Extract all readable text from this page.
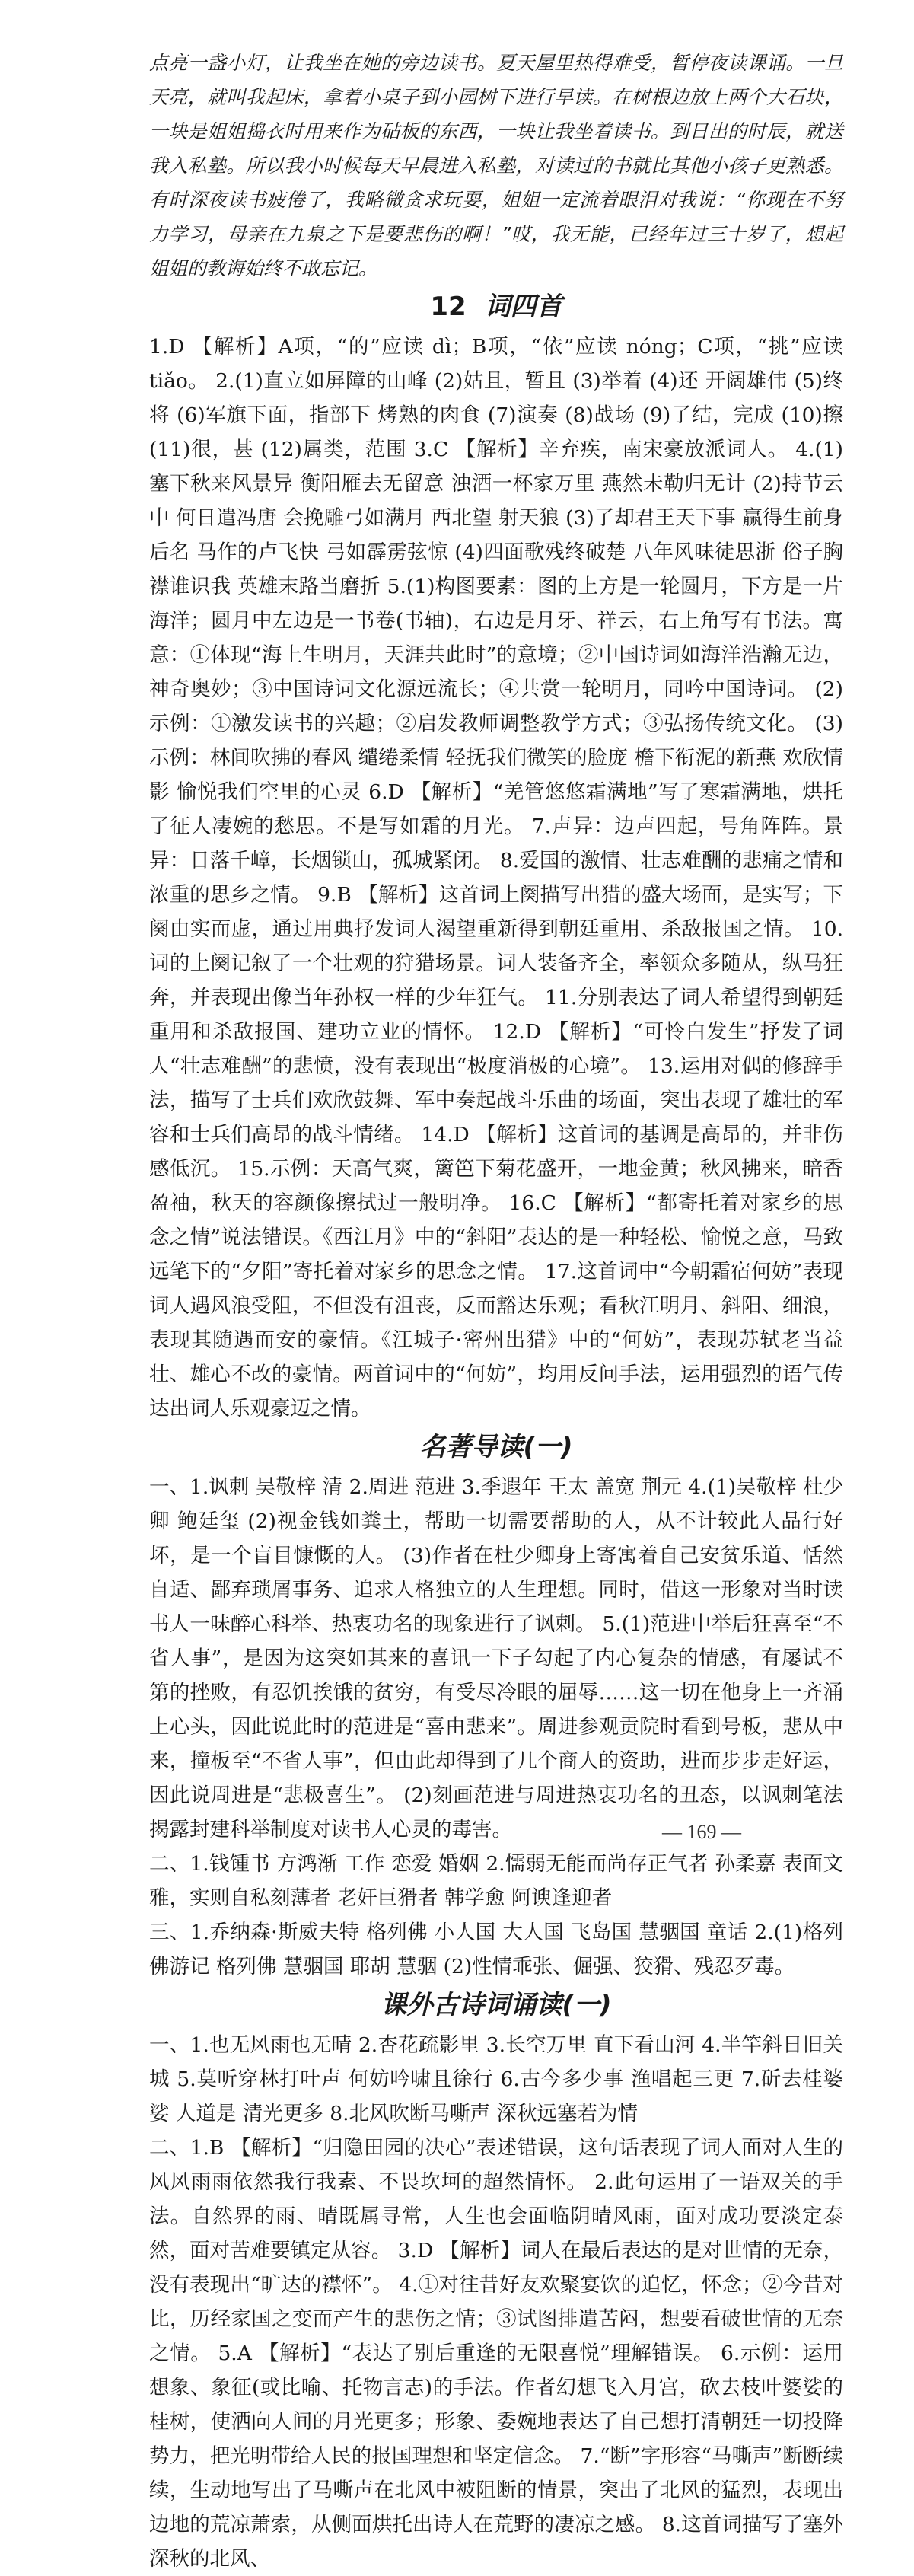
点亮一盏小灯，让我坐在她的旁边读书。夏天屋里热得难受，暂停夜读课诵。一旦天亮，就叫我起床，拿着小桌子到小园树下进行早读。在树根边放上两个大石块，一块是姐姐捣衣时用来作为砧板的东西，一块让我坐着读书。到日出的时辰，就送我入私塾。所以我小时候每天早晨进入私塾，对读过的书就比其他小孩子更熟悉。有时深夜读书疲倦了，我略微贪求玩耍，姐姐一定流着眼泪对我说：“你现在不努力学习，母亲在九泉之下是要悲伤的啊！”哎，我无能，已经年过三十岁了，想起姐姐的教诲始终不敢忘记。

12 词四首

1.D 【解析】A项，“的”应读 dì；B项，“依”应读 nóng；C项，“挑”应读 tiǎo。 2.(1)直立如屏障的山峰 (2)姑且，暂且 (3)举着 (4)还 开阔雄伟 (5)终将 (6)军旗下面，指部下 烤熟的肉食 (7)演奏 (8)战场 (9)了结，完成 (10)擦 (11)很，甚 (12)属类，范围 3.C 【解析】辛弃疾，南宋豪放派词人。 4.(1)塞下秋来风景异 衡阳雁去无留意 浊酒一杯家万里 燕然未勒归无计 (2)持节云中 何日遣冯唐 会挽雕弓如满月 西北望 射天狼 (3)了却君王天下事 赢得生前身后名 马作的卢飞快 弓如霹雳弦惊 (4)四面歌残终破楚 八年风味徒思浙 俗子胸襟谁识我 英雄末路当磨折 5.(1)构图要素：图的上方是一轮圆月，下方是一片海洋；圆月中左边是一书卷(书轴)，右边是月牙、祥云，右上角写有书法。寓意：①体现“海上生明月，天涯共此时”的意境；②中国诗词如海洋浩瀚无边，神奇奥妙；③中国诗词文化源远流长；④共赏一轮明月，同吟中国诗词。 (2)示例：①激发读书的兴趣；②启发教师调整教学方式；③弘扬传统文化。 (3)示例：林间吹拂的春风 缱绻柔情 轻抚我们微笑的脸庞 檐下衔泥的新燕 欢欣情影 愉悦我们空里的心灵 6.D 【解析】“羌管悠悠霜满地”写了寒霜满地，烘托了征人凄婉的愁思。不是写如霜的月光。 7.声异：边声四起，号角阵阵。景异：日落千嶂，长烟锁山，孤城紧闭。 8.爱国的激情、壮志难酬的悲痛之情和浓重的思乡之情。 9.B 【解析】这首词上阕描写出猎的盛大场面，是实写；下阕由实而虚，通过用典抒发词人渴望重新得到朝廷重用、杀敌报国之情。 10.词的上阕记叙了一个壮观的狩猎场景。词人装备齐全，率领众多随从，纵马狂奔，并表现出像当年孙权一样的少年狂气。 11.分别表达了词人希望得到朝廷重用和杀敌报国、建功立业的情怀。 12.D 【解析】“可怜白发生”抒发了词人“壮志难酬”的悲愤，没有表现出“极度消极的心境”。 13.运用对偶的修辞手法，描写了士兵们欢欣鼓舞、军中奏起战斗乐曲的场面，突出表现了雄壮的军容和士兵们高昂的战斗情绪。 14.D 【解析】这首词的基调是高昂的，并非伤感低沉。 15.示例：天高气爽，篱笆下菊花盛开，一地金黄；秋风拂来，暗香盈袖，秋天的容颜像擦拭过一般明净。 16.C 【解析】“都寄托着对家乡的思念之情”说法错误。《西江月》中的“斜阳”表达的是一种轻松、愉悦之意，马致远笔下的“夕阳”寄托着对家乡的思念之情。 17.这首词中“今朝霜宿何妨”表现词人遇风浪受阻，不但没有沮丧，反而豁达乐观；看秋江明月、斜阳、细浪，表现其随遇而安的豪情。《江城子·密州出猎》中的“何妨”，表现苏轼老当益壮、雄心不改的豪情。两首词中的“何妨”，均用反问手法，运用强烈的语气传达出词人乐观豪迈之情。

名著导读(一)

一、1.讽刺 吴敬梓 清 2.周进 范进 3.季遐年 王太 盖宽 荆元 4.(1)吴敬梓 杜少卿 鲍廷玺 (2)视金钱如粪土，帮助一切需要帮助的人，从不计较此人品行好坏，是一个盲目慷慨的人。 (3)作者在杜少卿身上寄寓着自己安贫乐道、恬然自适、鄙弃琐屑事务、追求人格独立的人生理想。同时，借这一形象对当时读书人一味醉心科举、热衷功名的现象进行了讽刺。 5.(1)范进中举后狂喜至“不省人事”，是因为这突如其来的喜讯一下子勾起了内心复杂的情感，有屡试不第的挫败，有忍饥挨饿的贫穷，有受尽冷眼的屈辱……这一切在他身上一齐涌上心头，因此说此时的范进是“喜由悲来”。周进参观贡院时看到号板，悲从中来，撞板至“不省人事”，但由此却得到了几个商人的资助，进而步步走好运，因此说周进是“悲极喜生”。 (2)刻画范进与周进热衷功名的丑态，以讽刺笔法揭露封建科举制度对读书人心灵的毒害。

二、1.钱锺书 方鸿渐 工作 恋爱 婚姻 2.懦弱无能而尚存正气者 孙柔嘉 表面文雅，实则自私刻薄者 老奸巨猾者 韩学愈 阿谀逢迎者

三、1.乔纳森·斯威夫特 格列佛 小人国 大人国 飞岛国 慧骃国 童话 2.(1)格列佛游记 格列佛 慧骃国 耶胡 慧骃 (2)性情乖张、倔强、狡猾、残忍歹毒。

课外古诗词诵读(一)

一、1.也无风雨也无晴 2.杏花疏影里 3.长空万里 直下看山河 4.半竿斜日旧关城 5.莫听穿林打叶声 何妨吟啸且徐行 6.古今多少事 渔唱起三更 7.斫去桂婆娑 人道是 清光更多 8.北风吹断马嘶声 深秋远塞若为情

二、1.B 【解析】“归隐田园的决心”表述错误，这句话表现了词人面对人生的风风雨雨依然我行我素、不畏坎坷的超然情怀。 2.此句运用了一语双关的手法。自然界的雨、晴既属寻常，人生也会面临阴晴风雨，面对成功要淡定泰然，面对苦难要镇定从容。 3.D 【解析】词人在最后表达的是对世情的无奈，没有表现出“旷达的襟怀”。 4.①对往昔好友欢聚宴饮的追忆，怀念；②今昔对比，历经家国之变而产生的悲伤之情；③试图排遣苦闷，想要看破世情的无奈之情。 5.A 【解析】“表达了别后重逢的无限喜悦”理解错误。 6.示例：运用想象、象征(或比喻、托物言志)的手法。作者幻想飞入月宫，砍去枝叶婆娑的桂树，使洒向人间的月光更多；形象、委婉地表达了自己想打清朝廷一切投降势力，把光明带给人民的报国理想和坚定信念。 7.“断”字形容“马嘶声”断断续续，生动地写出了马嘶声在北风中被阻断的情景，突出了北风的猛烈，表现出边地的荒凉萧索，从侧面烘托出诗人在荒野的凄凉之感。 8.这首词描写了塞外深秋的北风、

— 169 —
